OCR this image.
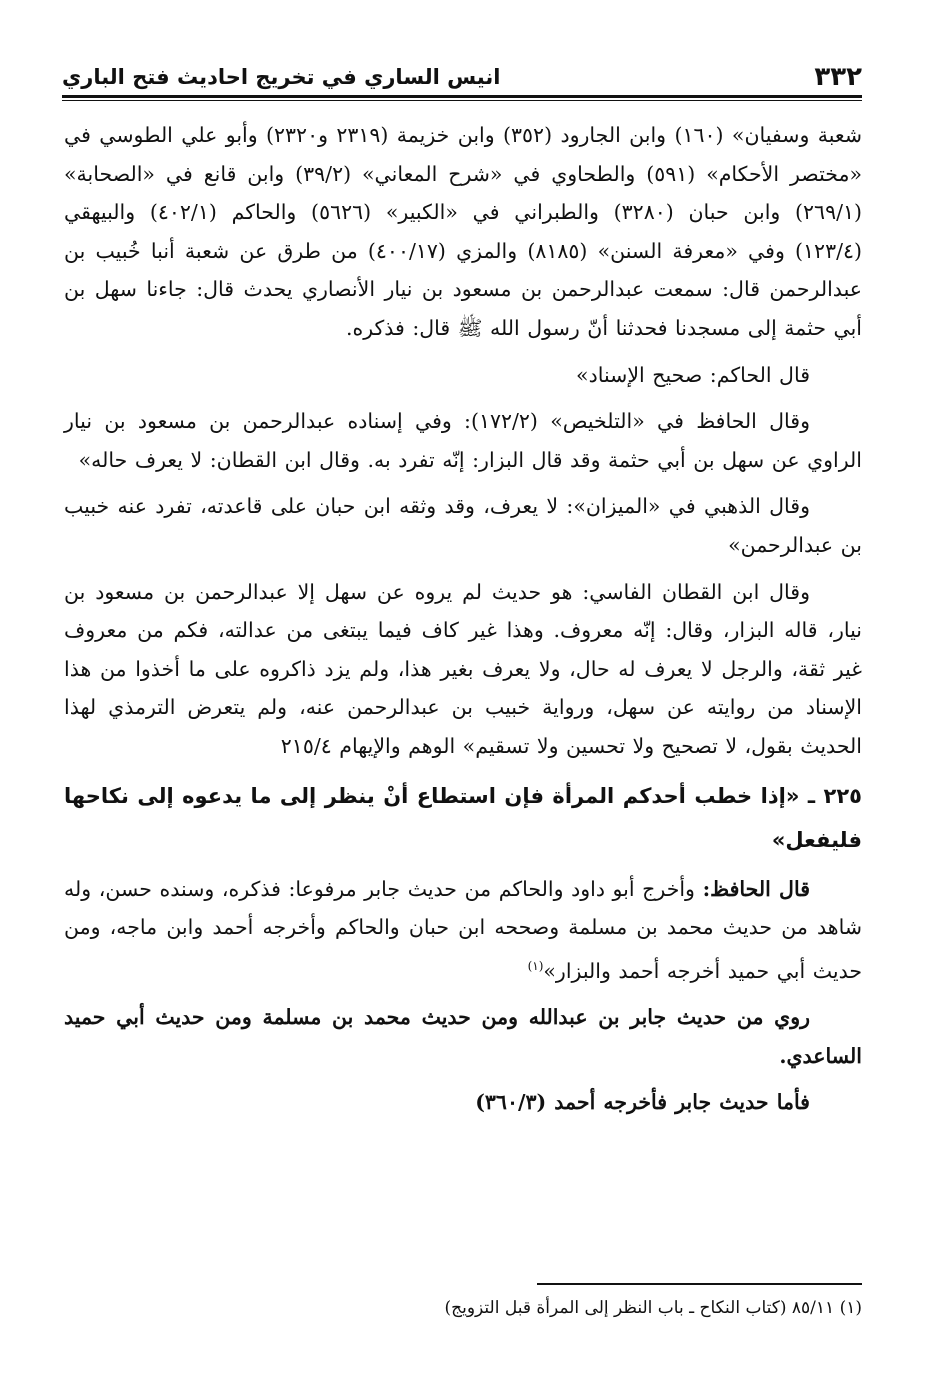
٣٣٢
انيس الساري في تخريج احاديث فتح الباري

شعبة وسفيان» (١٦٠) وابن الجارود (٣٥٢) وابن خزيمة (٢٣١٩ و٢٣٢٠) وأبو علي الطوسي في «مختصر الأحكام» (٥٩١) والطحاوي في «شرح المعاني» (٣٩/٢) وابن قانع في «الصحابة» (٢٦٩/١) وابن حبان (٣٢٨٠) والطبراني في «الكبير» (٥٦٢٦) والحاكم (٤٠٢/١) والبيهقي (١٢٣/٤) وفي «معرفة السنن» (٨١٨٥) والمزي (٤٠٠/١٧) من طرق عن شعبة أنبا خُبيب بن عبدالرحمن قال: سمعت عبدالرحمن بن مسعود بن نيار الأنصاري يحدث قال: جاءنا سهل بن أبي حثمة إلى مسجدنا فحدثنا أنّ رسول الله ﷺ قال: فذكره.

قال الحاكم: صحيح الإسناد»

وقال الحافظ في «التلخيص» (١٧٢/٢): وفي إسناده عبدالرحمن بن مسعود بن نيار الراوي عن سهل بن أبي حثمة وقد قال البزار: إنّه تفرد به. وقال ابن القطان: لا يعرف حاله»

وقال الذهبي في «الميزان»: لا يعرف، وقد وثقه ابن حبان على قاعدته، تفرد عنه خبيب بن عبدالرحمن»

وقال ابن القطان الفاسي: هو حديث لم يروه عن سهل إلا عبدالرحمن بن مسعود بن نيار، قاله البزار، وقال: إنّه معروف. وهذا غير كاف فيما يبتغى من عدالته، فكم من معروف غير ثقة، والرجل لا يعرف له حال، ولا يعرف بغير هذا، ولم يزد ذاكروه على ما أخذوا من هذا الإسناد من روايته عن سهل، ورواية خبيب بن عبدالرحمن عنه، ولم يتعرض الترمذي لهذا الحديث بقول، لا تصحيح ولا تحسين ولا تسقيم» الوهم والإيهام ٢١٥/٤

٢٢٥ ـ «إذا خطب أحدكم المرأة فإن استطاع أنْ ينظر إلى ما يدعوه إلى نكاحها فليفعل»

قال الحافظ: وأخرج أبو داود والحاكم من حديث جابر مرفوعا: فذكره، وسنده حسن، وله شاهد من حديث محمد بن مسلمة وصححه ابن حبان والحاكم وأخرجه أحمد وابن ماجه، ومن حديث أبي حميد أخرجه أحمد والبزار»$^{(١)}$

روي من حديث جابر بن عبدالله ومن حديث محمد بن مسلمة ومن حديث أبي حميد الساعدي.

فأما حديث جابر فأخرجه أحمد (٣٦٠/٣)

(١) ٨٥/١١ (كتاب النكاح ـ باب النظر إلى المرأة قبل التزويج)
